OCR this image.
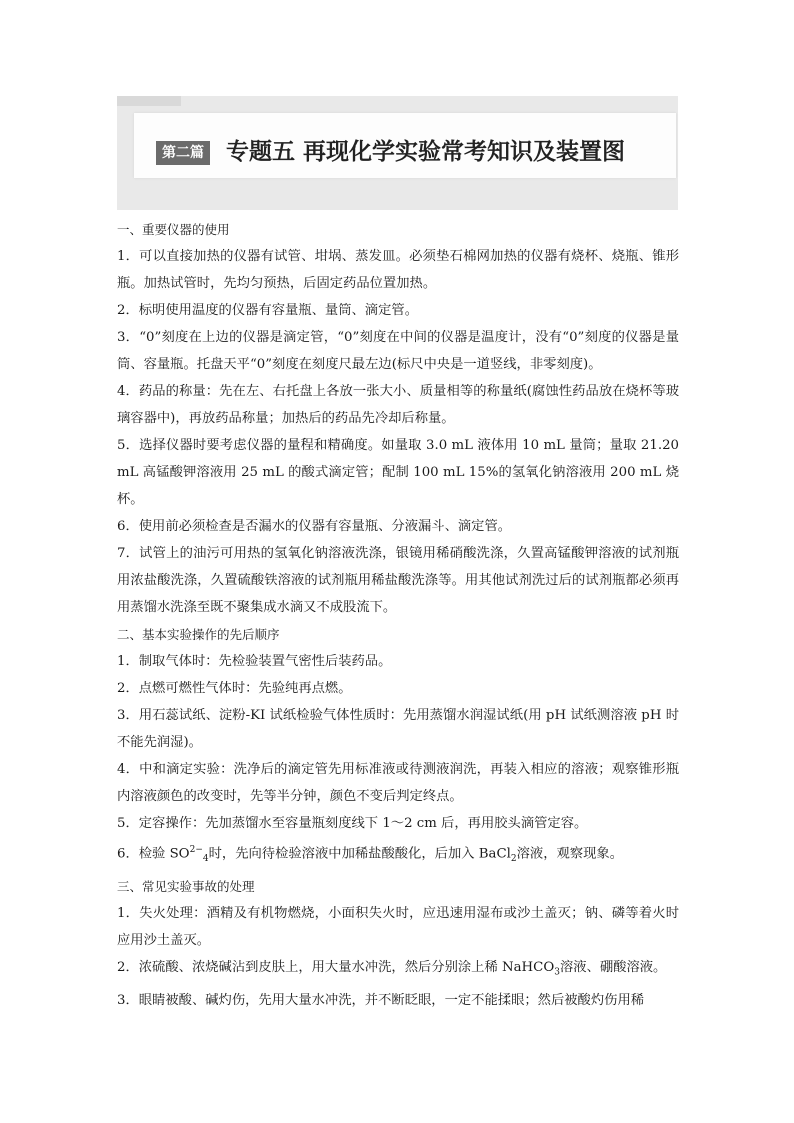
第二篇 专题五 再现化学实验常考知识及装置图

一、重要仪器的使用

1．可以直接加热的仪器有试管、坩埚、蒸发皿。必须垫石棉网加热的仪器有烧杯、烧瓶、锥形瓶。加热试管时，先均匀预热，后固定药品位置加热。

2．标明使用温度的仪器有容量瓶、量筒、滴定管。

3．“0”刻度在上边的仪器是滴定管，“0”刻度在中间的仪器是温度计，没有“0”刻度的仪器是量筒、容量瓶。托盘天平“0”刻度在刻度尺最左边(标尺中央是一道竖线，非零刻度)。

4．药品的称量：先在左、右托盘上各放一张大小、质量相等的称量纸(腐蚀性药品放在烧杯等玻璃容器中)，再放药品称量；加热后的药品先冷却后称量。

5．选择仪器时要考虑仪器的量程和精确度。如量取 3.0 mL 液体用 10 mL 量筒；量取 21.20 mL 高锰酸钾溶液用 25 mL 的酸式滴定管；配制 100 mL 15%的氢氧化钠溶液用 200 mL 烧杯。

6．使用前必须检查是否漏水的仪器有容量瓶、分液漏斗、滴定管。

7．试管上的油污可用热的氢氧化钠溶液洗涤，银镜用稀硝酸洗涤，久置高锰酸钾溶液的试剂瓶用浓盐酸洗涤，久置硫酸铁溶液的试剂瓶用稀盐酸洗涤等。用其他试剂洗过后的试剂瓶都必须再用蒸馏水洗涤至既不聚集成水滴又不成股流下。

二、基本实验操作的先后顺序

1．制取气体时：先检验装置气密性后装药品。

2．点燃可燃性气体时：先验纯再点燃。

3．用石蕊试纸、淀粉-KI 试纸检验气体性质时：先用蒸馏水润湿试纸(用 pH 试纸测溶液 pH 时不能先润湿)。

4．中和滴定实验：洗净后的滴定管先用标准液或待测液润洗，再装入相应的溶液；观察锥形瓶内溶液颜色的改变时，先等半分钟，颜色不变后判定终点。

5．定容操作：先加蒸馏水至容量瓶刻度线下 1～2 cm 后，再用胶头滴管定容。

6．检验 $SO^{2-}_4$时，先向待检验溶液中加稀盐酸酸化，后加入 BaCl$_2$溶液，观察现象。

三、常见实验事故的处理

1．失火处理：酒精及有机物燃烧，小面积失火时，应迅速用湿布或沙土盖灭；钠、磷等着火时应用沙土盖灭。

2．浓硫酸、浓烧碱沾到皮肤上，用大量水冲洗，然后分别涂上稀 NaHCO$_3$溶液、硼酸溶液。

3．眼睛被酸、碱灼伤，先用大量水冲洗，并不断眨眼，一定不能揉眼；然后被酸灼伤用稀
